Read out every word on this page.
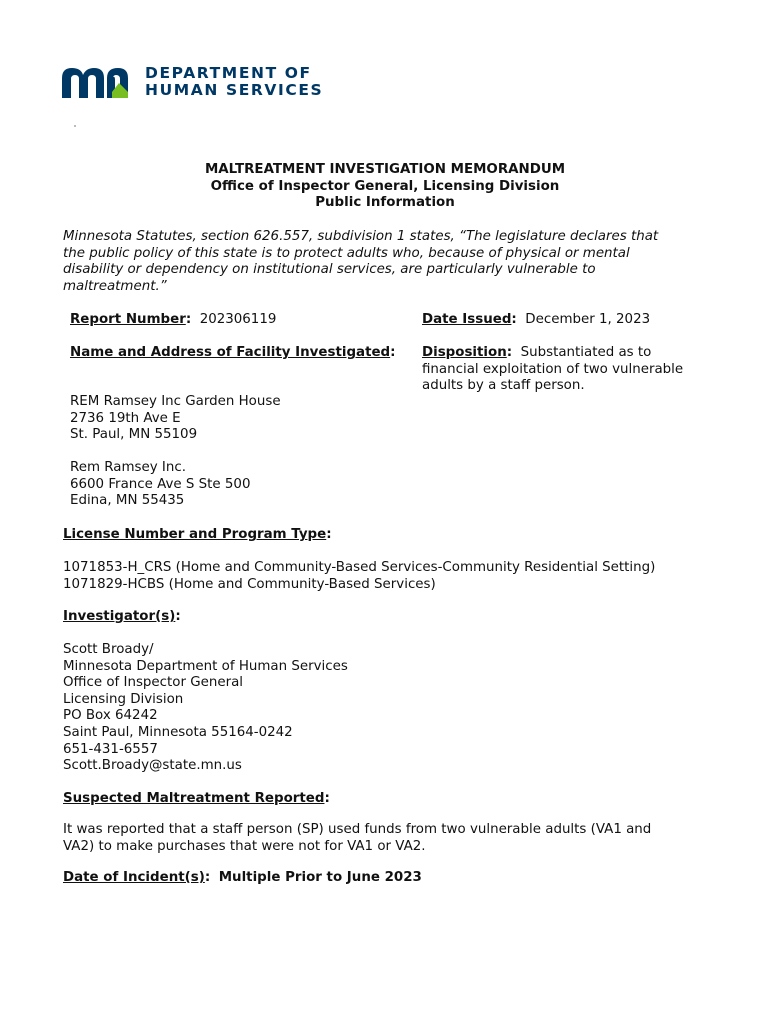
DEPARTMENT OF
HUMAN SERVICES
MALTREATMENT INVESTIGATION MEMORANDUM
Office of Inspector General, Licensing Division
Public Information
Minnesota Statutes, section 626.557, subdivision 1 states, “The legislature declares that
the public policy of this state is to protect adults who, because of physical or mental
disability or dependency on institutional services, are particularly vulnerable to
maltreatment.”
Report Number: 202306119	Date Issued: December 1, 2023
Name and Address of Facility Investigated: Disposition: Substantiated as to
financial exploitation of two vulnerable
adults by a staff person.
REM Ramsey Inc Garden House
2736 19th Ave E
St. Paul, MN 55109
Rem Ramsey Inc.
6600 France Ave S Ste 500
Edina, MN 55435
License Number and Program Type:
1071853-H_CRS (Home and Community-Based Services-Community Residential Setting)
1071829-HCBS (Home and Community-Based Services)
Investigator(s):
Scott Broady/
Minnesota Department of Human Services
Office of Inspector General
Licensing Division
PO Box 64242
Saint Paul, Minnesota 55164-0242
651-431-6557
Scott.Broady@state.mn.us
Suspected Maltreatment Reported:
It was reported that a staff person (SP) used funds from two vulnerable adults (VA1 and
VA2) to make purchases that were not for VA1 or VA2.
Date of Incident(s): Multiple Prior to June 2023
